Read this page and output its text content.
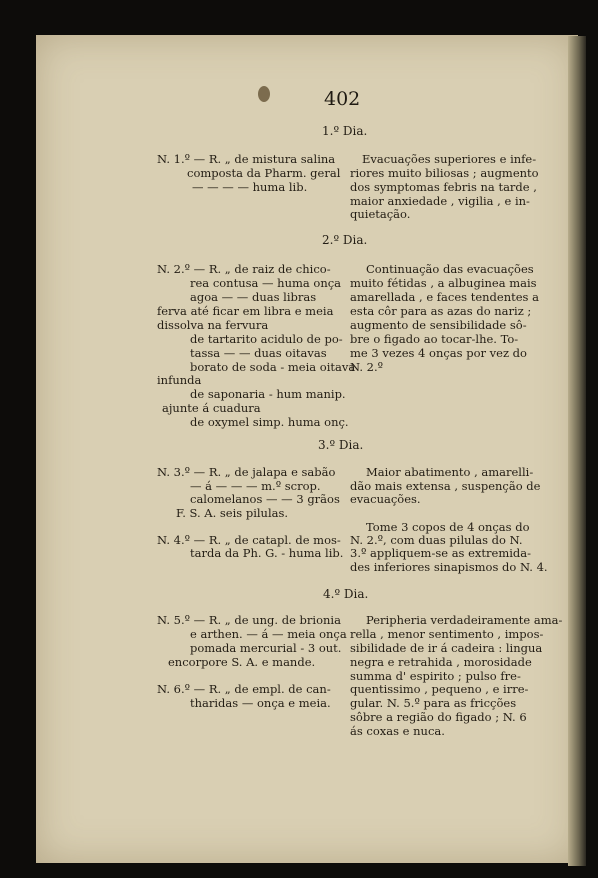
402
1.º Dia.
N. 1.º — R. „ de mistura salina
composta da Pharm. geral
— — — — huma lib.
Evacuações superiores e infe-
riores muito biliosas ; augmento
dos symptomas febris na tarde ,
maior anxiedade , vigilia , e in-
quietação.
2.º Dia.
N. 2.º — R. „ de raiz de chico-
rea contusa — huma onça
agoa — — duas libras
ferva até ficar em libra e meia
dissolva na fervura
de tartarito acidulo de po-
tassa — — duas oitavas
borato de soda - meia oitava
infunda
de saponaria - hum manip.
ajunte á cuadura
de oxymel simp. huma onç.
Continuação das evacuações
muito fétidas , a albuginea mais
amarellada , e faces tendentes a
esta côr para as azas do nariz ;
augmento de sensibilidade sô-
bre o figado ao tocar-lhe. To-
me 3 vezes 4 onças por vez do
N. 2.º
3.º Dia.
N. 3.º — R. „ de jalapa e sabão
— á — — — m.º scrop.
calomelanos — — 3 grãos
F. S. A. seis pilulas.
N. 4.º — R. „ de catapl. de mos-
tarda da Ph. G. - huma lib.
Maior abatimento , amarelli-
dão mais extensa , suspenção de
evacuações.
Tome 3 copos de 4 onças do
N. 2.º, com duas pilulas do N.
3.º appliquem-se as extremida-
des inferiores sinapismos do N. 4.
4.º Dia.
N. 5.º — R. „ de ung. de brionia
e arthen. — á — meia onça
pomada mercurial - 3 out.
encorpore S. A. e mande.
N. 6.º — R. „ de empl. de can-
tharidas — onça e meia.
Peripheria verdadeiramente ama-
rella , menor sentimento , impos-
sibilidade de ir á cadeira : lingua
negra e retrahida , morosidade
summa d' espirito ; pulso fre-
quentissimo , pequeno , e irre-
gular. N. 5.º para as fricções
sôbre a região do figado ; N. 6
ás coxas e nuca.
